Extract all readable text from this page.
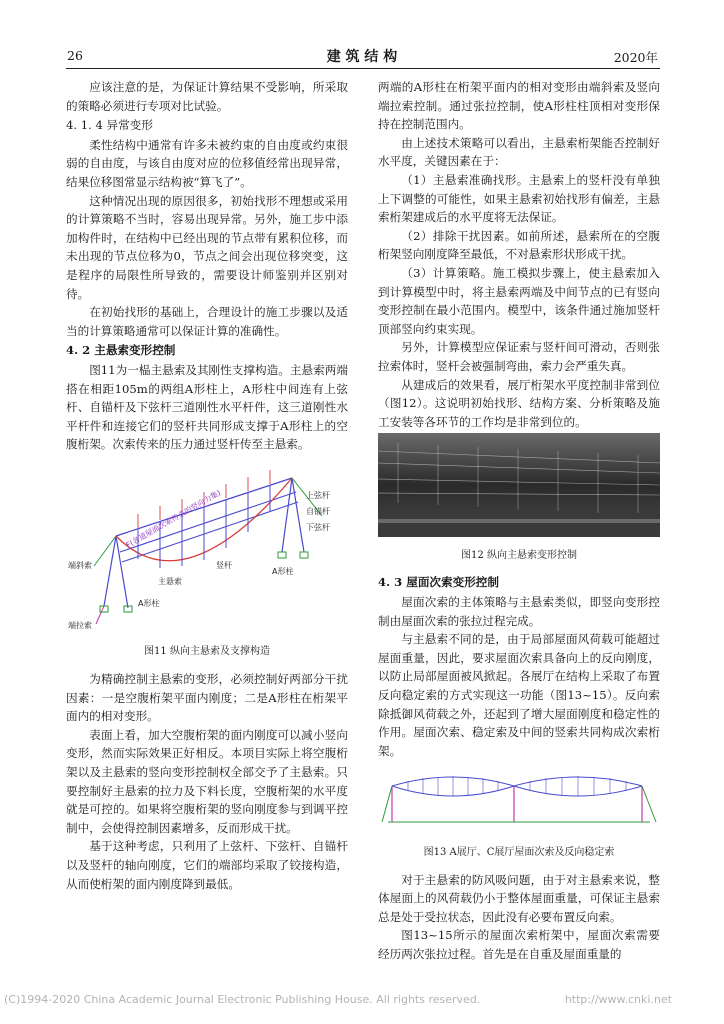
26	建 筑 结 构	2020年

应该注意的是，为保证计算结果不受影响，所采取的策略必须进行专项对比试验。

4. 1. 4 异常变形

柔性结构中通常有许多未被约束的自由度或约束很弱的自由度，与该自由度对应的位移值经常出现异常，结果位移图常显示结构被“算飞了”。

这种情况出现的原因很多，初始找形不理想或采用的计算策略不当时，容易出现异常。另外，施工步中添加构件时，在结构中已经出现的节点带有累积位移，而未出现的节点位移为0，节点之间会出现位移突变，这是程序的局限性所导致的，需要设计师鉴别并区别对待。

在初始找形的基础上，合理设计的施工步骤以及适当的计算策略通常可以保证计算的准确性。

4. 2 主悬索变形控制

图11为一榀主悬索及其刚性支撑构造。主悬索两端搭在相距105m的两组A形柱上，A形柱中间连有上弦杆、自锚杆及下弦杆三道刚性水平杆件，这三道刚性水平杆件和连接它们的竖杆共同形成支撑于A形柱上的空腹桁架。次索传来的压力通过竖杆传至主悬索。

F(各道屋面次索传来的竖向力集)	上弦杆
自锚杆
下弦杆
端斜索	竖杆
A形柱
主悬索
A形柱
端拉索
图11 纵向主悬索及支撑构造

为精确控制主悬索的变形，必须控制好两部分干扰因素：一是空腹桁架平面内刚度；二是A形柱在桁架平面内的相对变形。

表面上看，加大空腹桁架的面内刚度可以减小竖向变形，然而实际效果正好相反。本项目实际上将空腹桁架以及主悬索的竖向变形控制权全部交予了主悬索。只要控制好主悬索的拉力及下料长度，空腹桁架的水平度就是可控的。如果将空腹桁架的竖向刚度参与到调平控制中，会使得控制因素增多，反而形成干扰。

基于这种考虑，只利用了上弦杆、下弦杆、自锚杆以及竖杆的轴向刚度，它们的端部均采取了铰接构造，从而使桁架的面内刚度降到最低。

两端的A形柱在桁架平面内的相对变形由端斜索及竖向端拉索控制。通过张拉控制，使A形柱柱顶相对变形保持在控制范围内。

由上述技术策略可以看出，主悬索桁架能否控制好水平度，关键因素在于：

（1）主悬索准确找形。主悬索上的竖杆没有单独上下调整的可能性，如果主悬索初始找形有偏差，主悬索桁架建成后的水平度将无法保证。

（2）排除干扰因素。如前所述，悬索所在的空腹桁架竖向刚度降至最低，不对悬索形状形成干扰。

（3）计算策略。施工模拟步骤上，使主悬索加入到计算模型中时，将主悬索两端及中间节点的已有竖向变形控制在最小范围内。模型中，该条件通过施加竖杆顶部竖向约束实现。

另外，计算模型应保证索与竖杆间可滑动，否则张拉索体时，竖杆会被强制弯曲，索力会严重失真。

从建成后的效果看，展厅桁架水平度控制非常到位（图12）。这说明初始找形、结构方案、分析策略及施工安装等各环节的工作均是非常到位的。

图12 纵向主悬索变形控制

4. 3 屋面次索变形控制

屋面次索的主体策略与主悬索类似，即竖向变形控制由屋面次索的张拉过程完成。

与主悬索不同的是，由于局部屋面风荷载可能超过屋面重量，因此，要求屋面次索具备向上的反向刚度，以防止局部屋面被风掀起。各展厅在结构上采取了布置反向稳定索的方式实现这一功能（图13~15）。反向索除抵御风荷载之外，还起到了增大屋面刚度和稳定性的作用。屋面次索、稳定索及中间的竖索共同构成次索桁架。

图13 A展厅、C展厅屋面次索及反向稳定索

对于主悬索的防风吸问题，由于对主悬索来说，整体屋面上的风荷载仍小于整体屋面重量，可保证主悬索总是处于受拉状态，因此没有必要布置反向索。

图13~15所示的屋面次索桁架中，屋面次索需要经历两次张拉过程。首先是在自重及屋面重量的

(C)1994-2020 China Academic Journal Electronic Publishing House. All rights reserved.	http://www.cnki.net
